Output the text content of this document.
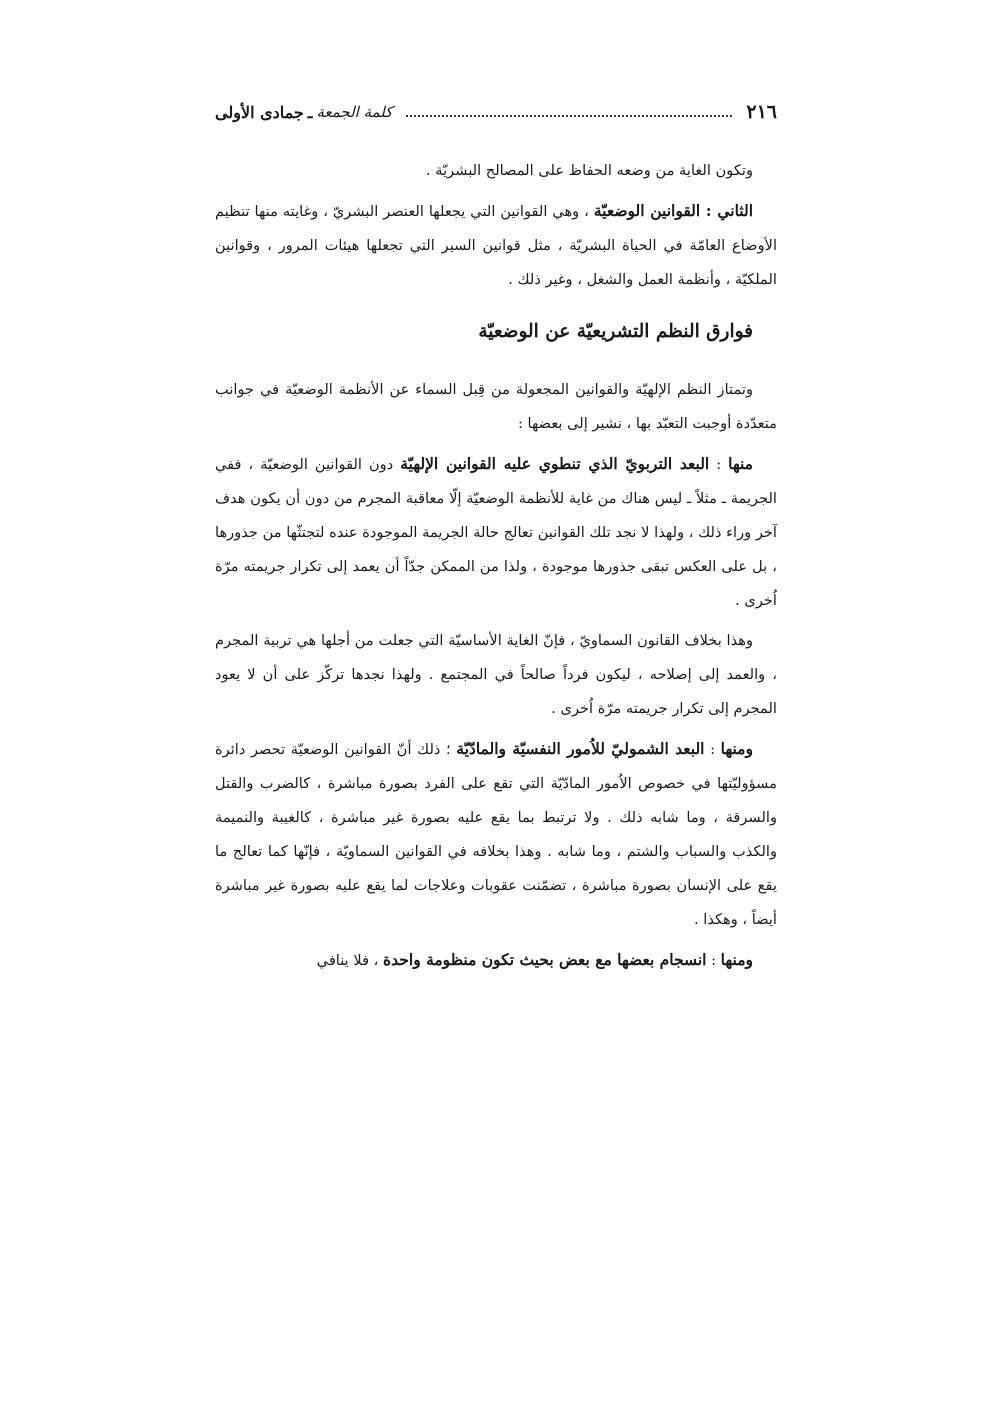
٢١٦
كلمة الجمعة
ـ
جمادى الأولى

وتكون الغاية من وضعه الحفاظ على المصالح البشريّة .

الثاني : القوانين الوضعيّة ، وهي القوانين التي يجعلها العنصر البشريّ ، وغايته منها تنظيم الأوضاع العامّة في الحياة البشريّة ، مثل قوانين السير التي تجعلها هيئات المرور ، وقوانين الملكيّة ، وأنظمة العمل والشغل ، وغير ذلك .

فوارق النظم التشريعيّة عن الوضعيّة

وتمتاز النظم الإلهيّة والقوانين المجعولة من قِبل السماء عن الأنظمة الوضعيّة في جوانب متعدّدة أوجبت التعبّد بها ، نشير إلى بعضها :

منها : البعد التربويّ الذي تنطوي عليه القوانين الإلهيّة دون القوانين الوضعيّة ، ففي الجريمة ـ مثلاً ـ ليس هناك من غاية للأنظمة الوضعيّة إلّا معاقبة المجرم من دون أن يكون هدف آخر وراء ذلك ، ولهذا لا نجد تلك القوانين تعالج حالة الجريمة الموجودة عنده لتجتثّها من جذورها ، بل على العكس تبقى جذورها موجودة ، ولذا من الممكن جدّاً أن يعمد إلى تكرار جريمته مرّة اُخرى .

وهذا بخلاف القانون السماويّ ، فإنّ الغاية الأساسيّة التي جعلت من أجلها هي تربية المجرم ، والعمد إلى إصلاحه ، ليكون فرداً صالحاً في المجتمع . ولهذا نجدها تركّز على أن لا يعود المجرم إلى تكرار جريمته مرّة اُخرى .

ومنها : البعد الشموليّ للاُمور النفسيّة والمادّيّة ؛ ذلك أنّ القوانين الوضعيّة تحصر دائرة مسؤوليّتها في خصوص الاُمور المادّيّة التي تقع على الفرد بصورة مباشرة ، كالضرب والقتل والسرقة ، وما شابه ذلك . ولا ترتبط بما يقع عليه بصورة غير مباشرة ، كالغيبة والنميمة والكذب والسباب والشتم ، وما شابه . وهذا بخلافه في القوانين السماويّة ، فإنّها كما تعالج ما يقع على الإنسان بصورة مباشرة ، تضمّنت عقوبات وعلاجات لما يقع عليه بصورة غير مباشرة أيضاً ، وهكذا .

ومنها : انسجام بعضها مع بعض بحيث تكون منظومة واحدة ، فلا ينافي
